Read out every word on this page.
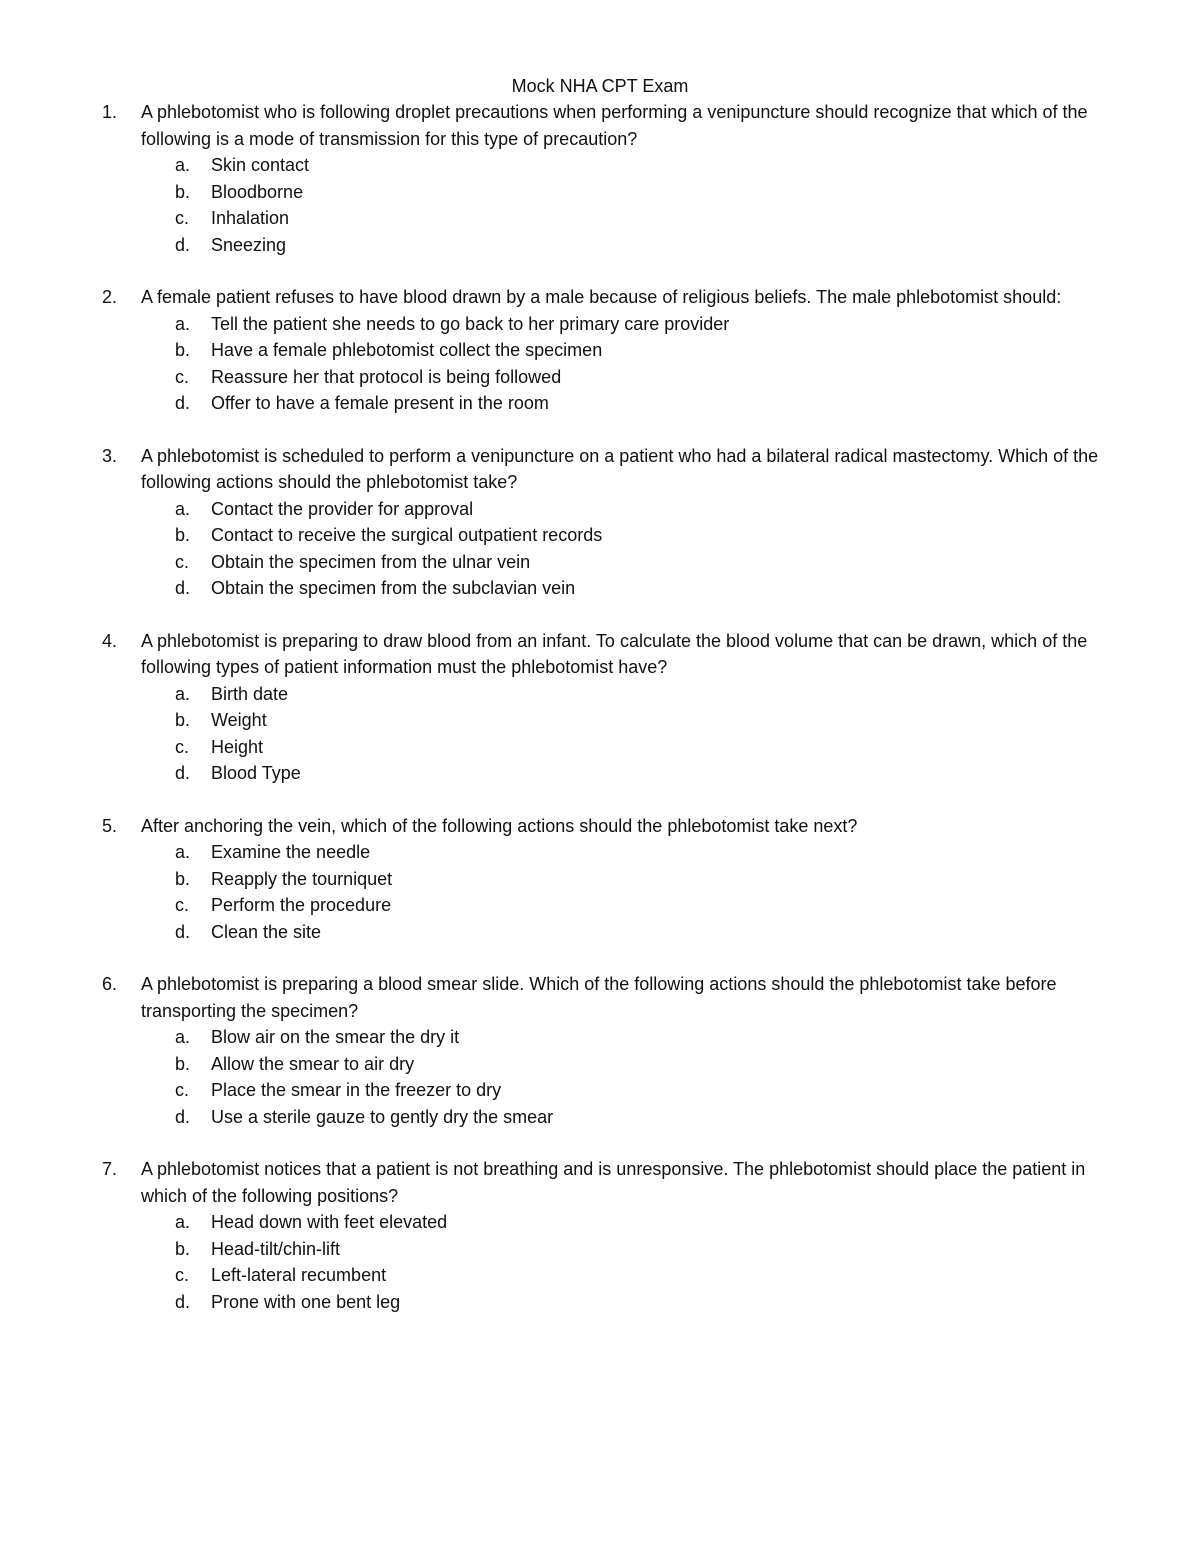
Mock NHA CPT Exam
1.	A phlebotomist who is following droplet precautions when performing a venipuncture should recognize that which of the following is a mode of transmission for this type of precaution?
a. Skin contact
b. Bloodborne
c. Inhalation
d. Sneezing
2.	A female patient refuses to have blood drawn by a male because of religious beliefs. The male phlebotomist should:
a. Tell the patient she needs to go back to her primary care provider
b. Have a female phlebotomist collect the specimen
c. Reassure her that protocol is being followed
d. Offer to have a female present in the room
3.	A phlebotomist is scheduled to perform a venipuncture on a patient who had a bilateral radical mastectomy. Which of the following actions should the phlebotomist take?
a. Contact the provider for approval
b. Contact to receive the surgical outpatient records
c. Obtain the specimen from the ulnar vein
d. Obtain the specimen from the subclavian vein
4.	A phlebotomist is preparing to draw blood from an infant. To calculate the blood volume that can be drawn, which of the following types of patient information must the phlebotomist have?
a. Birth date
b. Weight
c. Height
d. Blood Type
5.	After anchoring the vein, which of the following actions should the phlebotomist take next?
a. Examine the needle
b. Reapply the tourniquet
c. Perform the procedure
d. Clean the site
6.	A phlebotomist is preparing a blood smear slide. Which of the following actions should the phlebotomist take before transporting the specimen?
a. Blow air on the smear the dry it
b. Allow the smear to air dry
c. Place the smear in the freezer to dry
d. Use a sterile gauze to gently dry the smear
7.	A phlebotomist notices that a patient is not breathing and is unresponsive. The phlebotomist should place the patient in which of the following positions?
a. Head down with feet elevated
b. Head-tilt/chin-lift
c. Left-lateral recumbent
d. Prone with one bent leg
